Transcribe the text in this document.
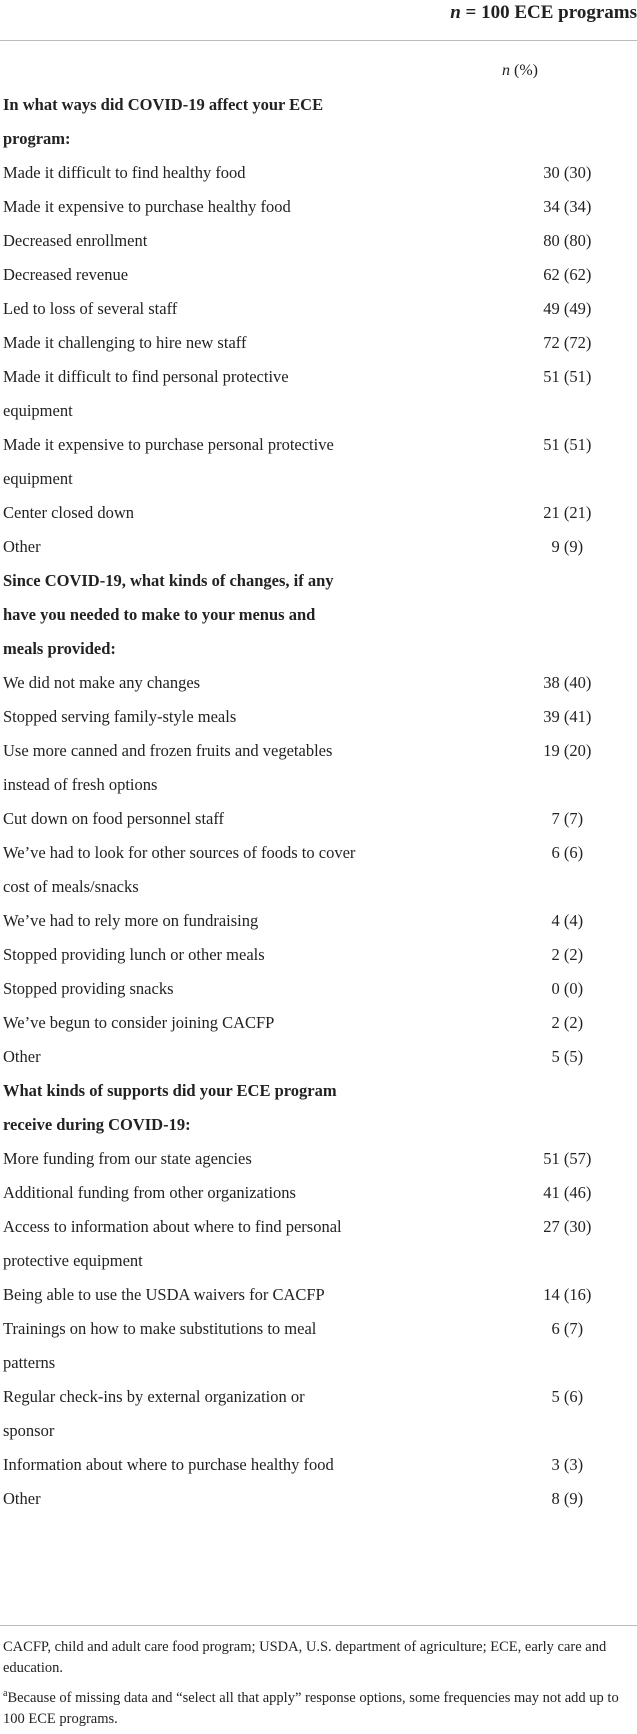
n = 100 ECE programs
n (%)
In what ways did COVID-19 affect your ECE program:	
Made it difficult to find healthy food	30 (30)
Made it expensive to purchase healthy food	34 (34)
Decreased enrollment	80 (80)
Decreased revenue	62 (62)
Led to loss of several staff	49 (49)
Made it challenging to hire new staff	72 (72)
Made it difficult to find personal protective equipment	51 (51)
Made it expensive to purchase personal protective equipment	51 (51)
Center closed down	21 (21)
Other	9 (9)
Since COVID-19, what kinds of changes, if any have you needed to make to your menus and meals provided:	
We did not make any changes	38 (40)
Stopped serving family-style meals	39 (41)
Use more canned and frozen fruits and vegetables instead of fresh options	19 (20)
Cut down on food personnel staff	7 (7)
We’ve had to look for other sources of foods to cover cost of meals/snacks	6 (6)
We’ve had to rely more on fundraising	4 (4)
Stopped providing lunch or other meals	2 (2)
Stopped providing snacks	0 (0)
We’ve begun to consider joining CACFP	2 (2)
Other	5 (5)
What kinds of supports did your ECE program receive during COVID-19:	
More funding from our state agencies	51 (57)
Additional funding from other organizations	41 (46)
Access to information about where to find personal protective equipment	27 (30)
Being able to use the USDA waivers for CACFP	14 (16)
Trainings on how to make substitutions to meal patterns	6 (7)
Regular check-ins by external organization or sponsor	5 (6)
Information about where to purchase healthy food	3 (3)
Other	8 (9)

CACFP, child and adult care food program; USDA, U.S. department of agriculture; ECE, early care and education.

$^a$Because of missing data and “select all that apply” response options, some frequencies may not add up to 100 ECE programs.
